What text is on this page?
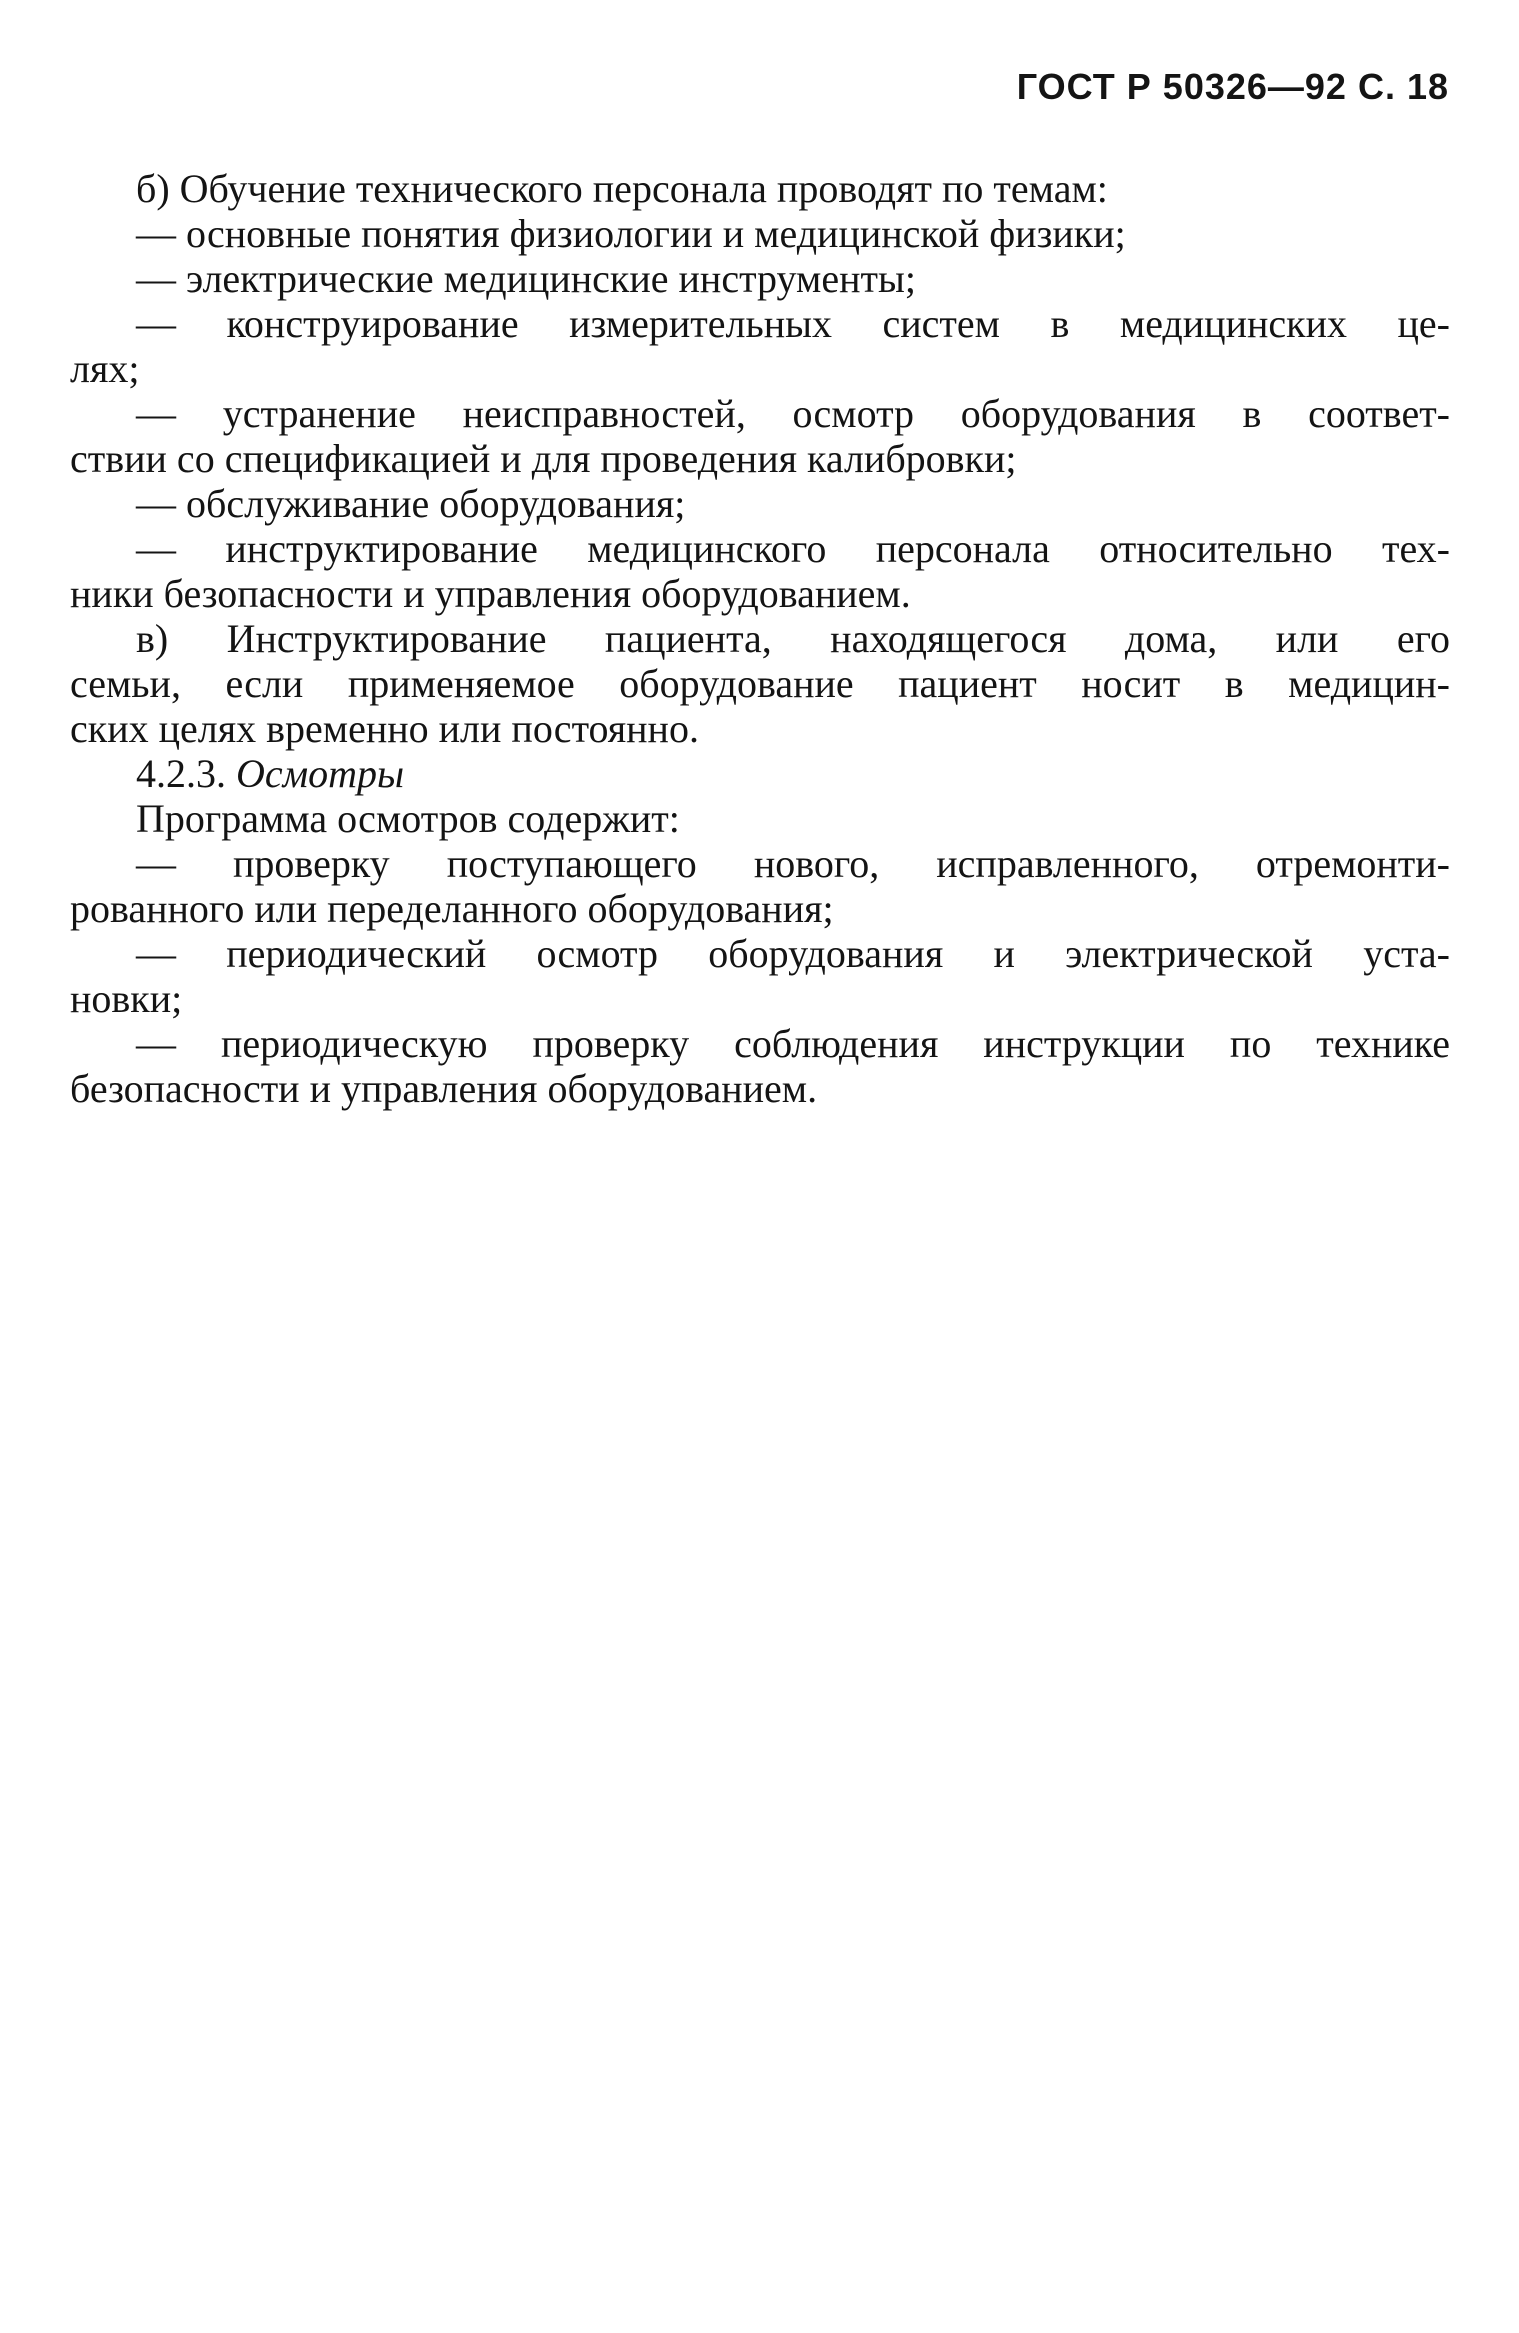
ГОСТ Р 50326—92 С. 18
б) Обучение технического персонала проводят по темам:
— основные понятия физиологии и медицинской физики;
— электрические медицинские инструменты;
— конструирование измерительных систем в медицинских це-
лях;
— устранение неисправностей, осмотр оборудования в соответ-
ствии со спецификацией и для проведения калибровки;
— обслуживание оборудования;
— инструктирование медицинского персонала относительно тех-
ники безопасности и управления оборудованием.
в) Инструктирование пациента, находящегося дома, или его
семьи, если применяемое оборудование пациент носит в медицин-
ских целях временно или постоянно.
4.2.3. Осмотры
Программа осмотров содержит:
— проверку поступающего нового, исправленного, отремонти-
рованного или переделанного оборудования;
— периодический осмотр оборудования и электрической уста-
новки;
— периодическую проверку соблюдения инструкции по технике
безопасности и управления оборудованием.
